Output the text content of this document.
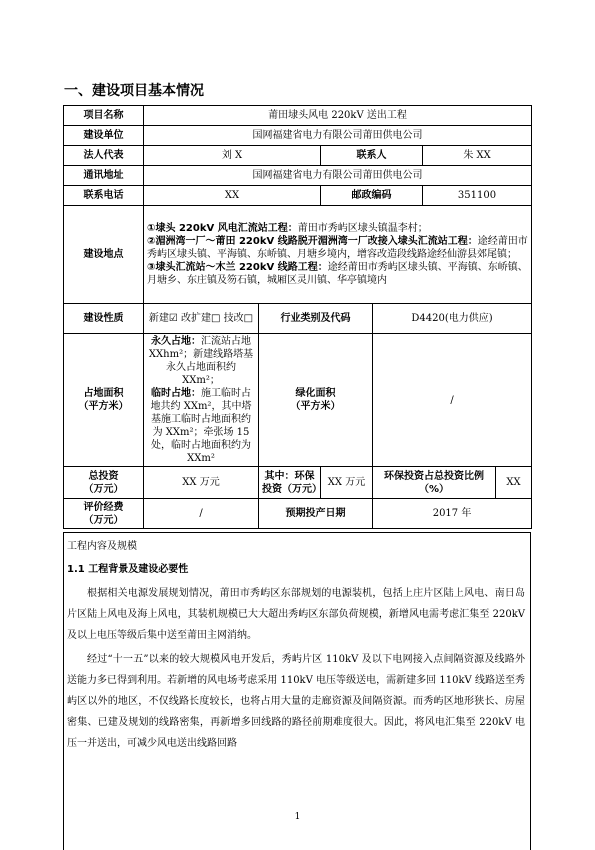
一、建设项目基本情况
项目名称	莆田埭头风电 220kV 送出工程					
建设单位	国网福建省电力有限公司莆田供电公司					
法人代表	刘 X		联系人		朱 XX	
通讯地址	国网福建省电力有限公司莆田供电公司					
联系电话	XX		邮政编码		351100	
建设地点	①埭头 220kV 风电汇流站工程：莆田市秀屿区埭头镇温李村；
②湄洲湾一厂～莆田 220kV 线路脱开湄洲湾一厂改接入埭头汇流站工程：途经莆田市秀屿区埭头镇、平海镇、东峤镇、月塘乡境内，增容改造段线路途经仙游县郊尾镇；
③埭头汇流站～木兰 220kV 线路工程：途经莆田市秀屿区埭头镇、平海镇、东峤镇、月塘乡、东庄镇及笏石镇，城厢区灵川镇、华亭镇境内					

建设性质	新建☑ 改扩建□ 技改□	行业类别及代码		D4420(电力供应)		
占地面积
（平方米）	永久占地：汇流站占地 XXhm²；新建线路塔基永久占地面积约 XXm²；
临时占地：施工临时占地共约 XXm²，其中塔基施工临时占地面积约为 XXm²；牵张场 15 处，临时占地面积约为 XXm²	绿化面积
（平方米）		/		
总投资
（万元）	XX 万元	其中：环保投资（万元）	XX 万元	环保投资占总投资比例（%）		XX
评价经费
（万元）	/	预期投产日期		2017 年		
工程内容及规模
1.1 工程背景及建设必要性
根据相关电源发展规划情况，莆田市秀屿区东部规划的电源装机，包括上庄片区陆上风电、南日岛片区陆上风电及海上风电，其装机规模已大大超出秀屿区东部负荷规模，新增风电需考虑汇集至 220kV 及以上电压等级后集中送至莆田主网消纳。
经过“十一五”以来的较大规模风电开发后，秀屿片区 110kV 及以下电网接入点间隔资源及线路外送能力多已得到利用。若新增的风电场考虑采用 110kV 电压等级送电，需新建多回 110kV 线路送至秀屿区以外的地区，不仅线路长度较长，也将占用大量的走廊资源及间隔资源。而秀屿区地形狭长、房屋密集、已建及规划的线路密集，再新增多回线路的路径前期难度很大。因此，将风电汇集至 220kV 电压一并送出，可减少风电送出线路回路
1
